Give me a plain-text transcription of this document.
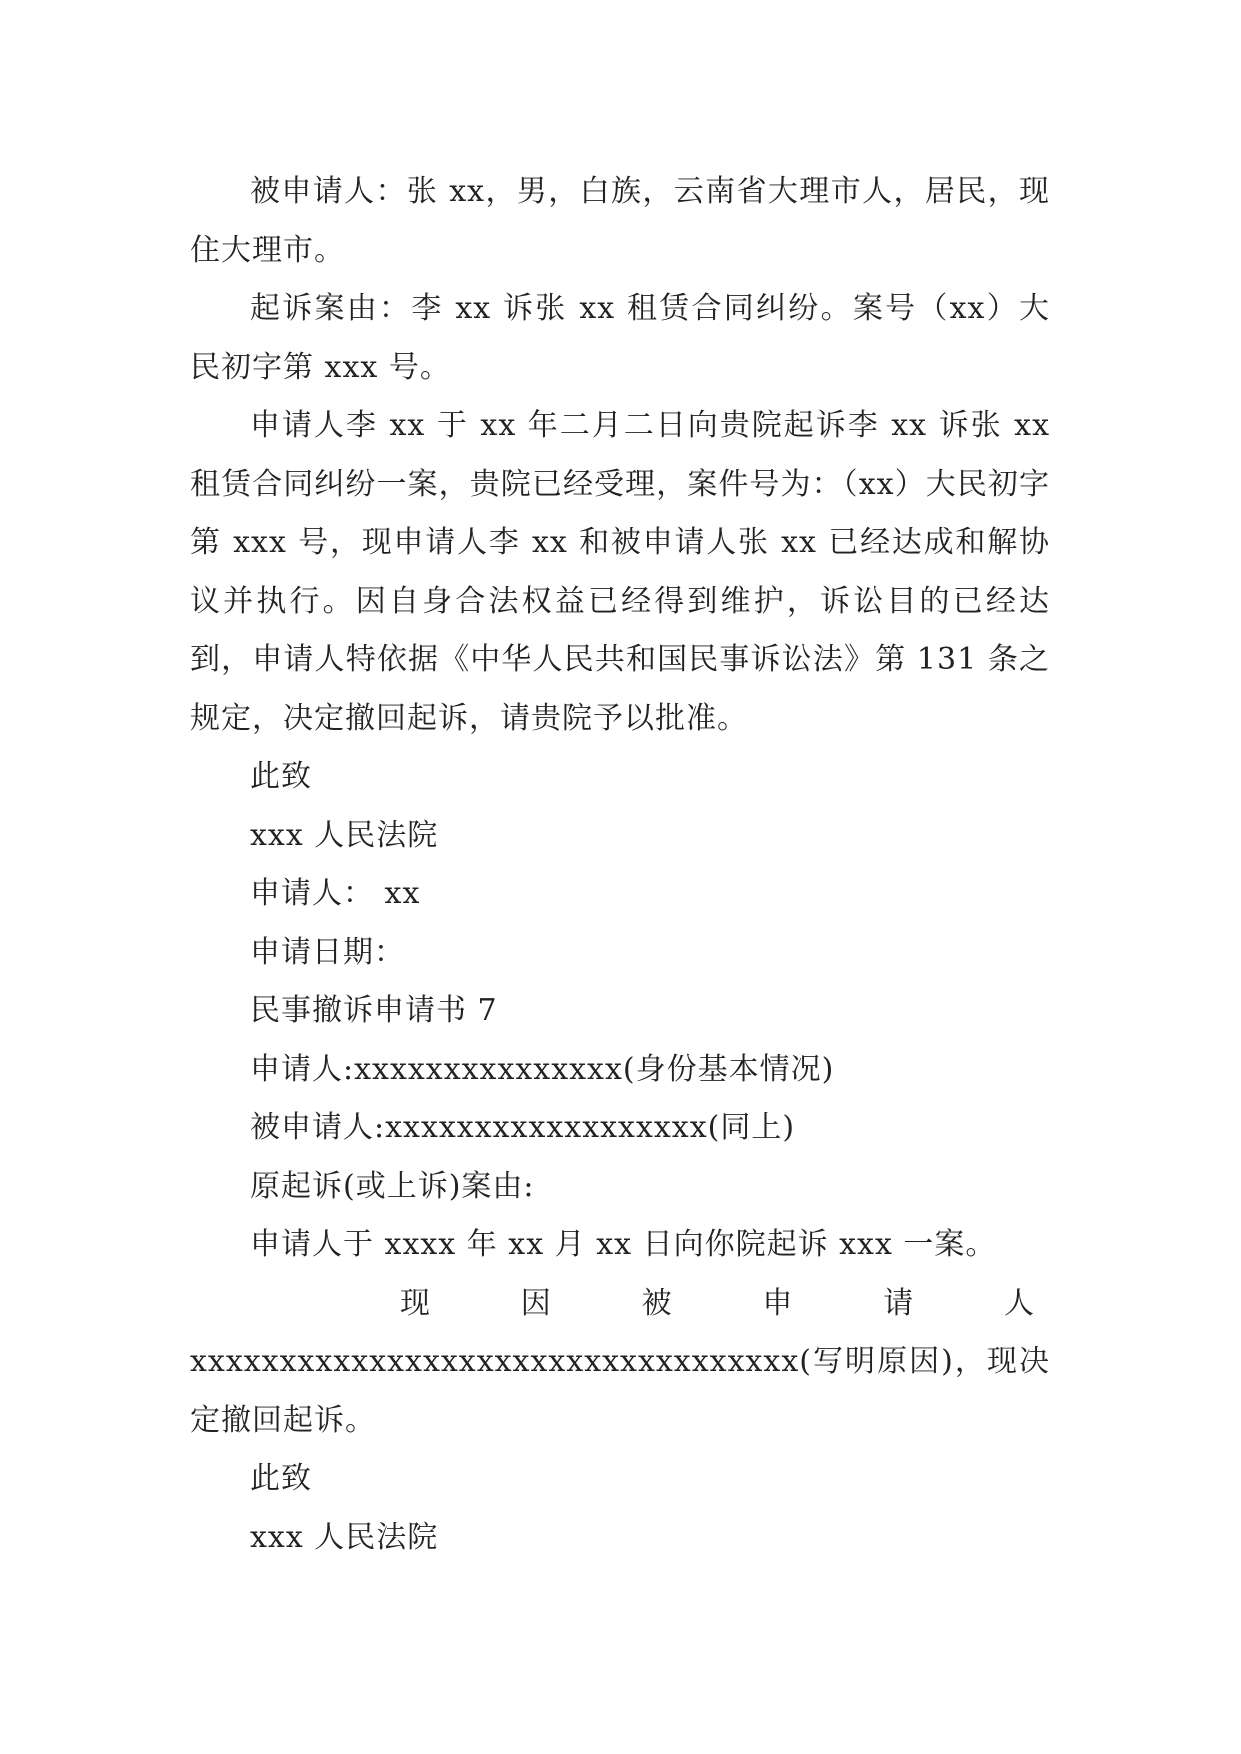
被申请人：张 xx，男，白族，云南省大理市人，居民，现住大理市。

起诉案由：李 xx 诉张 xx 租赁合同纠纷。案号（xx）大民初字第 xxx 号。

申请人李 xx 于 xx 年二月二日向贵院起诉李 xx 诉张 xx 租赁合同纠纷一案，贵院已经受理，案件号为：（xx）大民初字第 xxx 号，现申请人李 xx 和被申请人张 xx 已经达成和解协议并执行。因自身合法权益已经得到维护，诉讼目的已经达到，申请人特依据《中华人民共和国民事诉讼法》第 131 条之规定，决定撤回起诉，请贵院予以批准。

此致

xxx 人民法院

申请人： xx

申请日期：

民事撤诉申请书 7

申请人:xxxxxxxxxxxxxxx(身份基本情况)

被申请人:xxxxxxxxxxxxxxxxxx(同上)

原起诉(或上诉)案由:

申请人于 xxxx 年 xx 月 xx 日向你院起诉 xxx 一案。

现	因	被	申	请	人

xxxxxxxxxxxxxxxxxxxxxxxxxxxxxxxxxx(写明原因)，现决定撤回起诉。

此致

xxx 人民法院
